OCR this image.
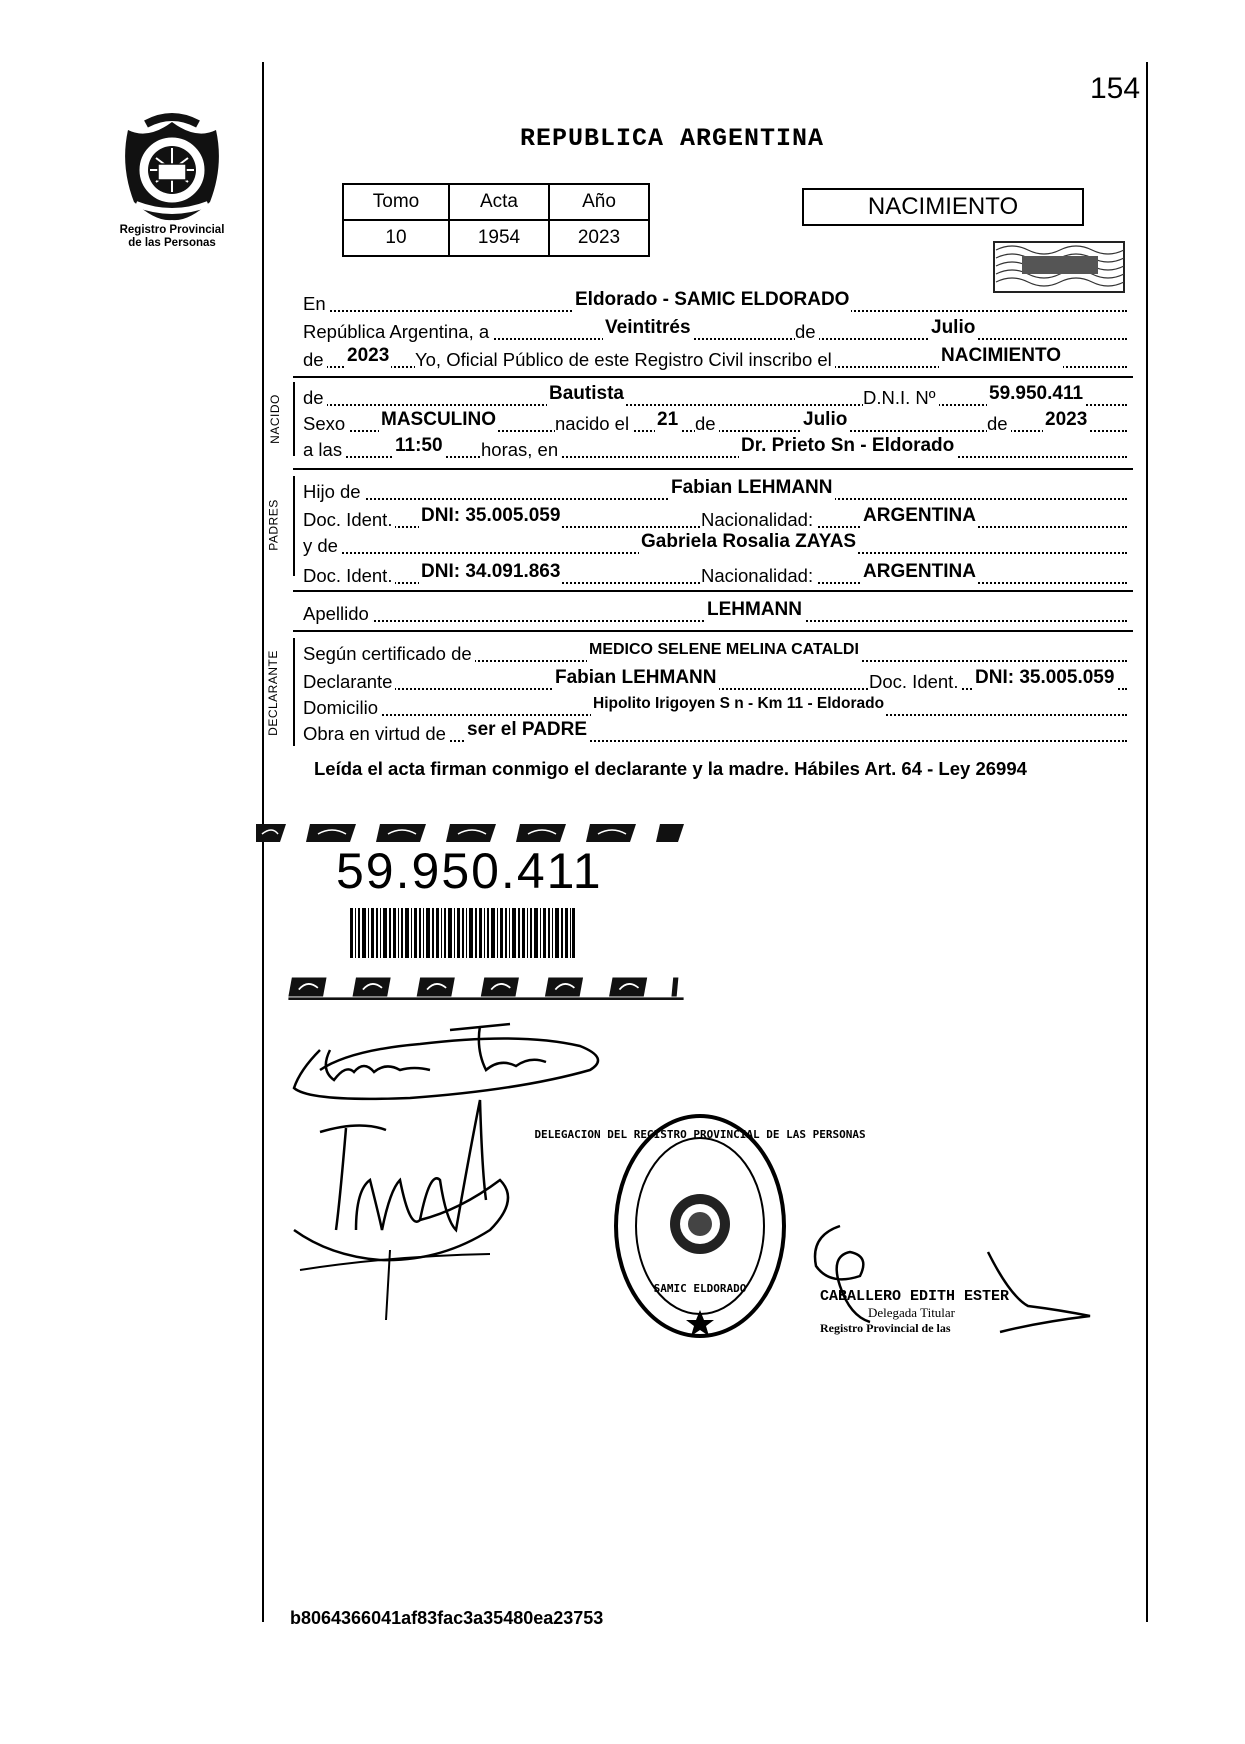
154
Registro Provincial
de las Personas
REPUBLICA ARGENTINA
Tomo	Acta	Año
10	1954	2023
NACIMIENTO
En	Eldorado - SAMIC ELDORADO
República Argentina, a	Veintitrés	de	Julio
de 2023 Yo, Oficial Público de este Registro Civil inscribo el	NACIMIENTO
NACIDO de	Bautista	D.N.I. Nº	59.950.411
Sexo MASCULINO	nacido el 21 de	Julio	de 2023
a las	11:50 horas, en	Dr. Prieto Sn - Eldorado
PADRES
Hijo de	Fabian LEHMANN
Doc. Ident. DNI: 35.005.059	Nacionalidad:	ARGENTINA
y de	Gabriela Rosalia ZAYAS
Doc. Ident. DNI: 34.091.863	Nacionalidad:	ARGENTINA
Apellido	LEHMANN
DECLARANTE Según certificado de	MEDICO SELENE MELINA CATALDI
Declarante	Fabian LEHMANN	Doc. Ident. DNI: 35.005.059
Domicilio	Hipolito Irigoyen S n - Km 11 - Eldorado
Obra en virtud de ser el PADRE
Leída el acta firman conmigo el declarante y la madre. Hábiles Art. 64 - Ley 26994
59.950.411
DELEGACION DEL REGISTRO PROVINCIAL DE LAS PERSONAS
SAMIC ELDORADO	CABALLERO EDITH ESTER
Delegada Titular
Registro Provincial de las
b8064366041af83fac3a35480ea23753
